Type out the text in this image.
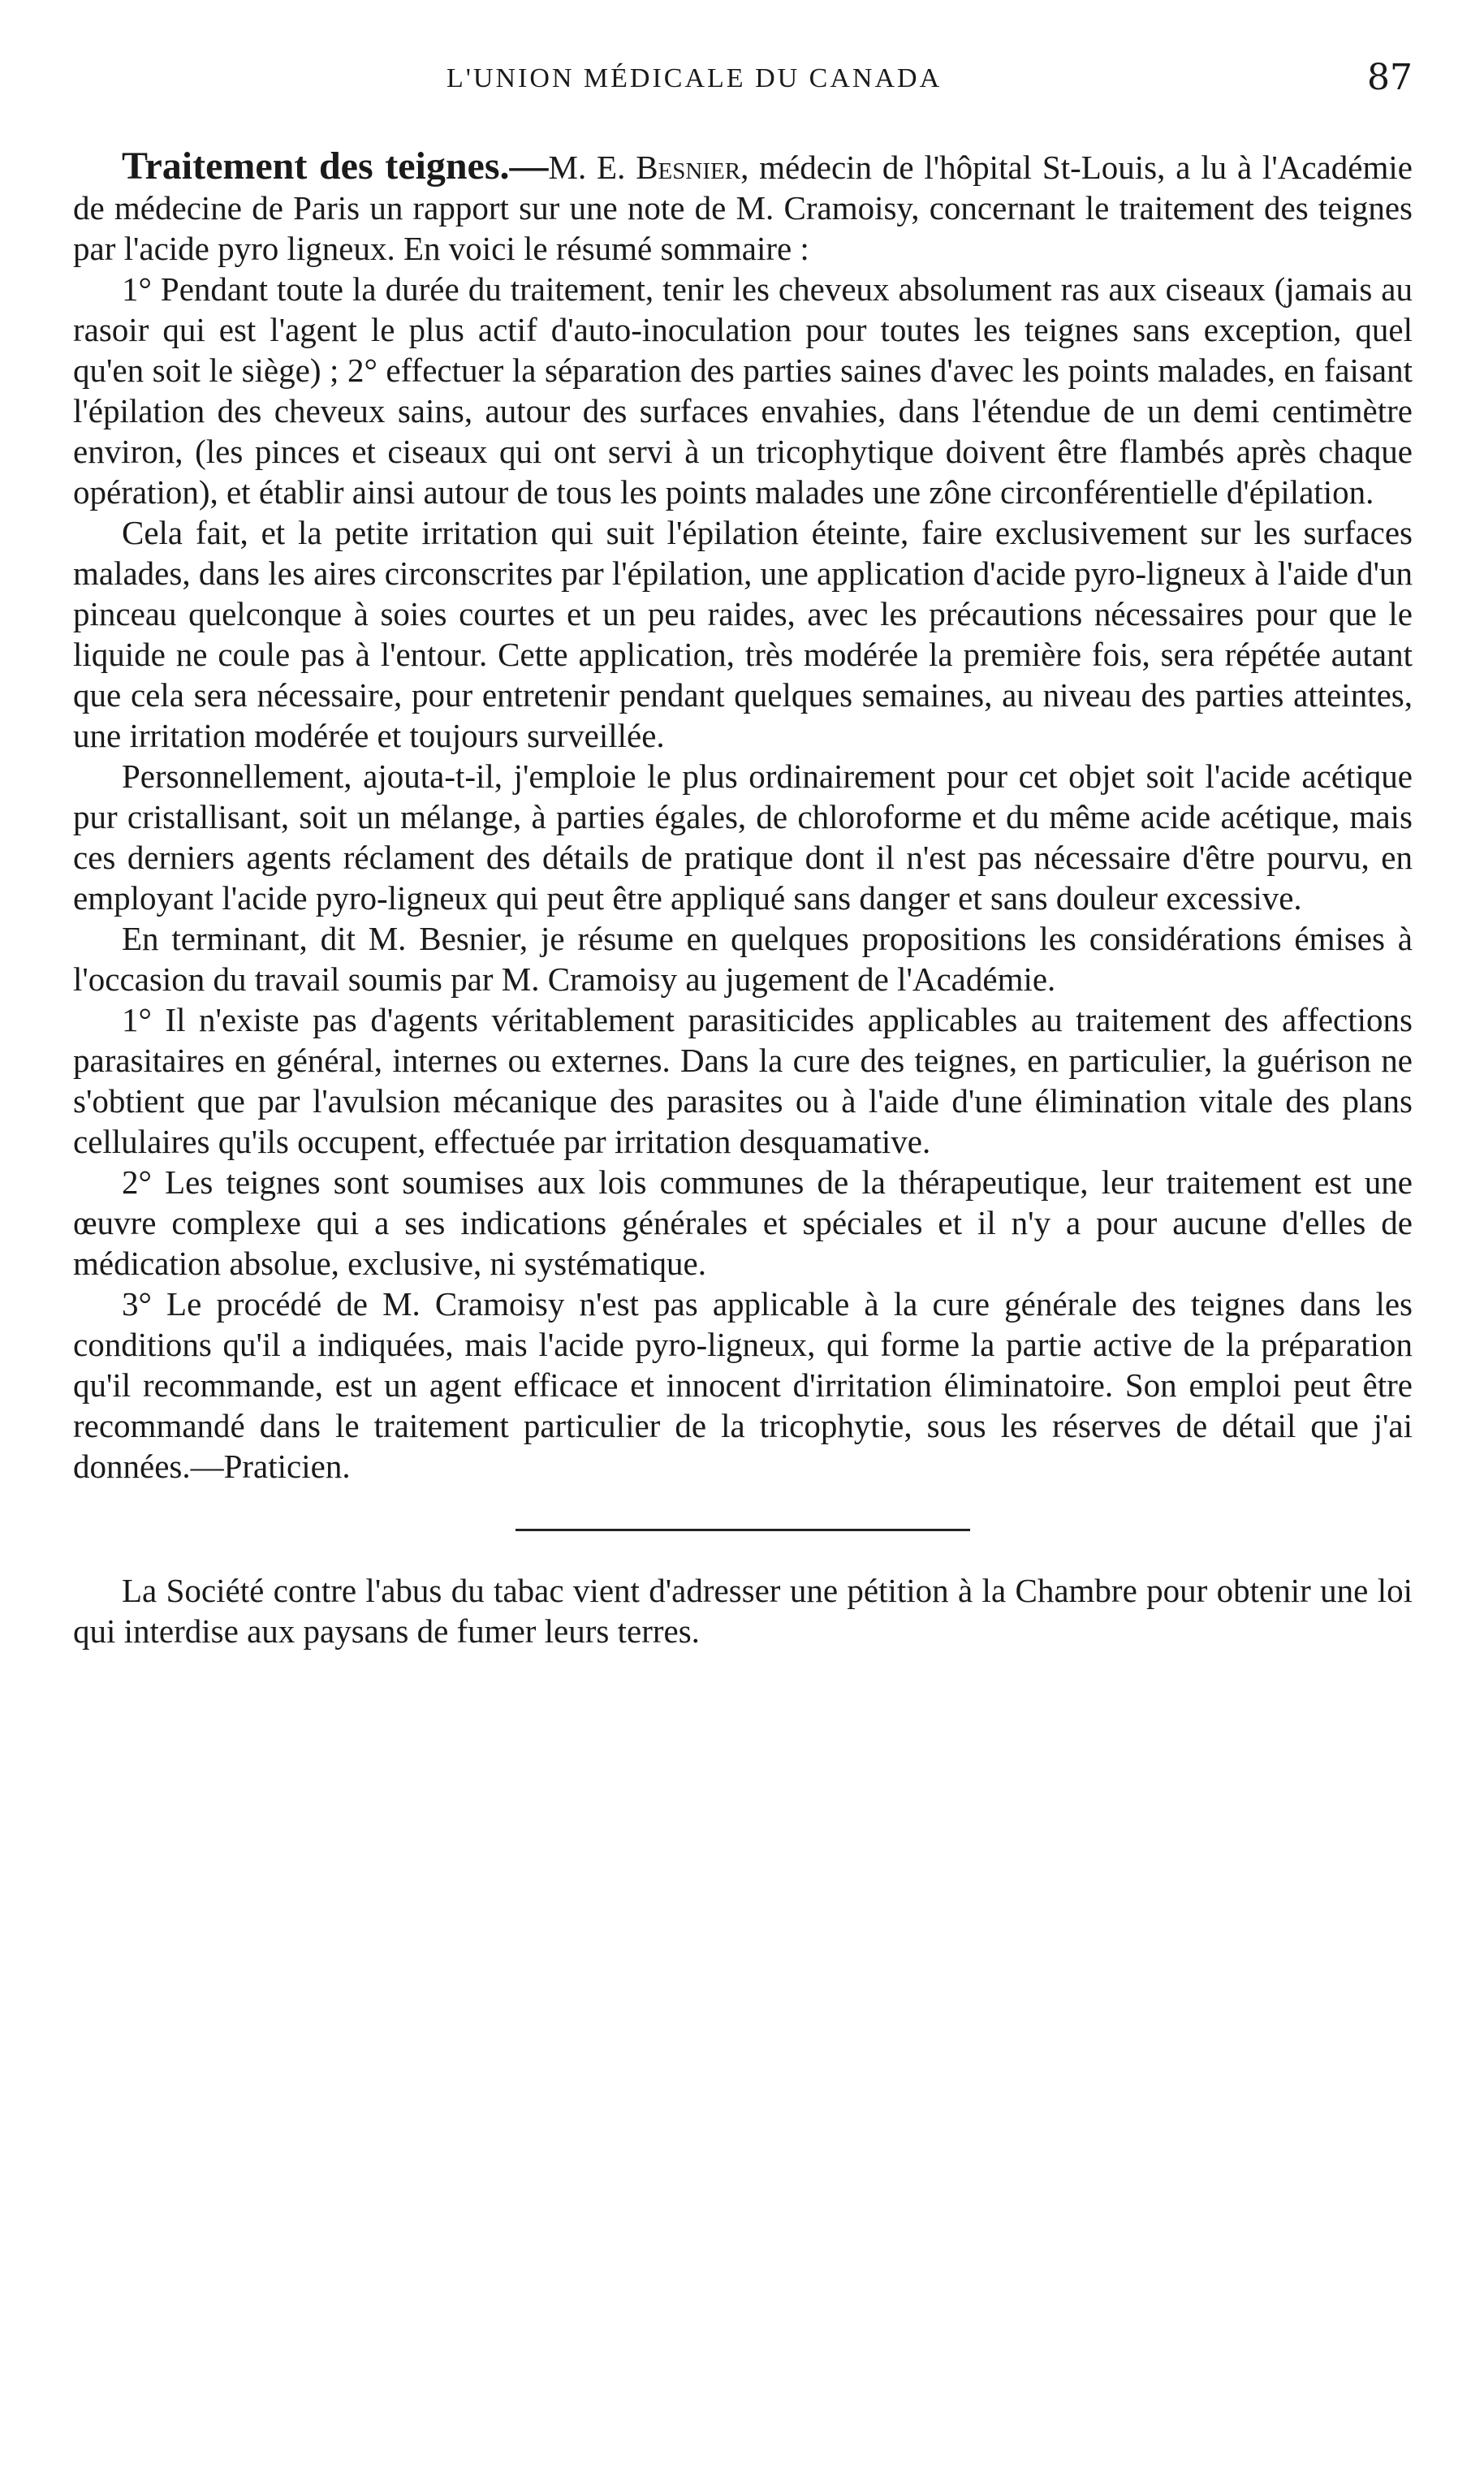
L'UNION MÉDICALE DU CANADA	87

Traitement des teignes.—M. E. Besnier, médecin de l'hôpital St-Louis, a lu à l'Académie de médecine de Paris un rapport sur une note de M. Cramoisy, concernant le traitement des teignes par l'acide pyro ligneux. En voici le résumé sommaire :

1° Pendant toute la durée du traitement, tenir les cheveux absolument ras aux ciseaux (jamais au rasoir qui est l'agent le plus actif d'auto-inoculation pour toutes les teignes sans exception, quel qu'en soit le siège) ; 2° effectuer la séparation des parties saines d'avec les points malades, en faisant l'épilation des cheveux sains, autour des surfaces envahies, dans l'étendue de un demi centimètre environ, (les pinces et ciseaux qui ont servi à un tricophytique doivent être flambés après chaque opération), et établir ainsi autour de tous les points malades une zône circonférentielle d'épilation.

Cela fait, et la petite irritation qui suit l'épilation éteinte, faire exclusivement sur les surfaces malades, dans les aires circonscrites par l'épilation, une application d'acide pyro-ligneux à l'aide d'un pinceau quelconque à soies courtes et un peu raides, avec les précautions nécessaires pour que le liquide ne coule pas à l'entour. Cette application, très modérée la première fois, sera répétée autant que cela sera nécessaire, pour entretenir pendant quelques semaines, au niveau des parties atteintes, une irritation modérée et toujours surveillée.

Personnellement, ajouta-t-il, j'emploie le plus ordinairement pour cet objet soit l'acide acétique pur cristallisant, soit un mélange, à parties égales, de chloroforme et du même acide acétique, mais ces derniers agents réclament des détails de pratique dont il n'est pas nécessaire d'être pourvu, en employant l'acide pyro-ligneux qui peut être appliqué sans danger et sans douleur excessive.

En terminant, dit M. Besnier, je résume en quelques propositions les considérations émises à l'occasion du travail soumis par M. Cramoisy au jugement de l'Académie.

1° Il n'existe pas d'agents véritablement parasiticides applicables au traitement des affections parasitaires en général, internes ou externes. Dans la cure des teignes, en particulier, la guérison ne s'obtient que par l'avulsion mécanique des parasites ou à l'aide d'une élimination vitale des plans cellulaires qu'ils occupent, effectuée par irritation desquamative.

2° Les teignes sont soumises aux lois communes de la thérapeutique, leur traitement est une œuvre complexe qui a ses indications générales et spéciales et il n'y a pour aucune d'elles de médication absolue, exclusive, ni systématique.

3° Le procédé de M. Cramoisy n'est pas applicable à la cure générale des teignes dans les conditions qu'il a indiquées, mais l'acide pyro-ligneux, qui forme la partie active de la préparation qu'il recommande, est un agent efficace et innocent d'irritation éliminatoire. Son emploi peut être recommandé dans le traitement particulier de la tricophytie, sous les réserves de détail que j'ai données.—Praticien.

La Société contre l'abus du tabac vient d'adresser une pétition à la Chambre pour obtenir une loi qui interdise aux paysans de fumer leurs terres.
